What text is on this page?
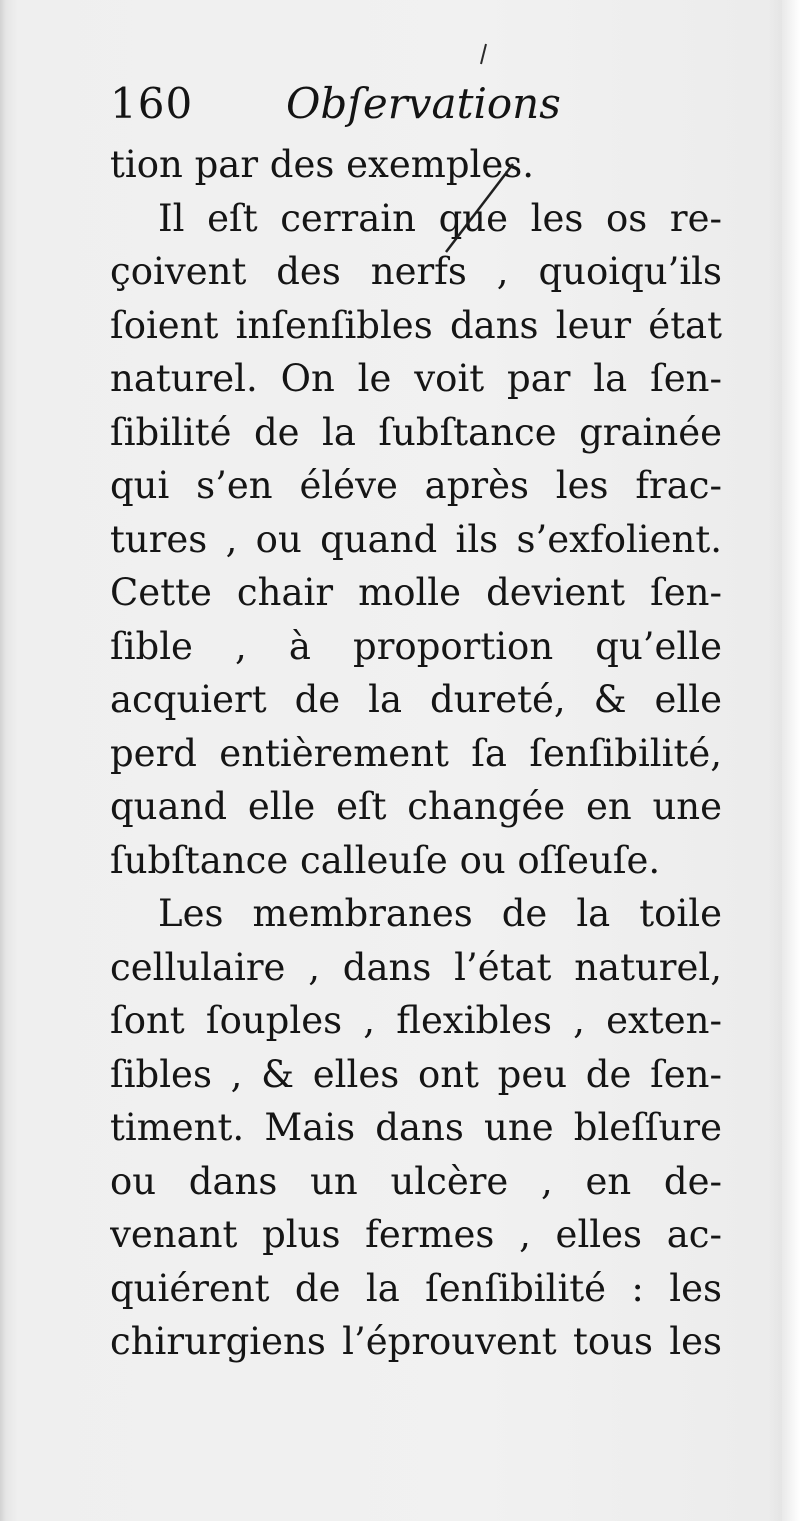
160 Obſervations
tion par des exemples.
Il eſt cerrain que les os re-
çoivent des nerfs , quoiqu’ils
ſoient inſenſibles dans leur état
naturel. On le voit par la ſen-
ſibilité de la ſubſtance grainée
qui s’en éléve après les frac-
tures , ou quand ils s’exfolient.
Cette chair molle devient ſen-
ſible , à proportion qu’elle
acquiert de la dureté, & elle
perd entièrement ſa ſenſibilité,
quand elle eſt changée en une
ſubſtance calleuſe ou oſſeuſe.
Les membranes de la toile
cellulaire , dans l’état naturel,
ſont ſouples , flexibles , exten-
ſibles , & elles ont peu de ſen-
timent. Mais dans une bleſſure
ou dans un ulcère , en de-
venant plus fermes , elles ac-
quiérent de la ſenſibilité : les
chirurgiens l’éprouvent tous les
